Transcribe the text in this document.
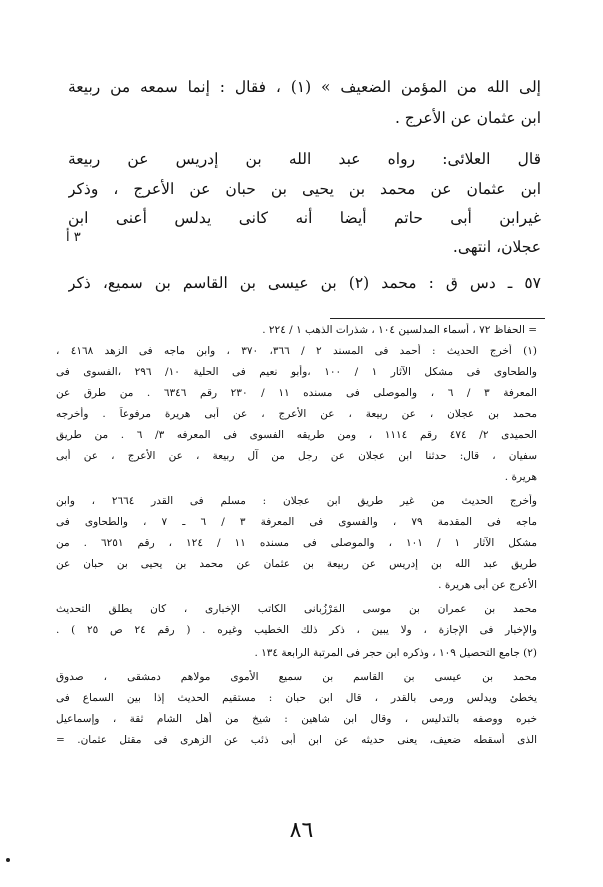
إلى الله من المؤمن الضعيف » (١) ، فقال : إنما سمعه من ربيعة
ابن عثمان عن الأعرج .
قال العلائى: رواه عبد الله بن إدريس عن ربيعة
ابن عثمان عن محمد بن يحيى بن حبان عن الأعرج ، وذكر
غيرابن أبى حاتم أيضا أنه كانى يدلس أعنى ابن
عجلان، انتهى.
٣ أ
٥٧ ـ دس ق : محمد (٢) بن عيسى بن القاسم بن سميع، ذكر
= الحفاظ ٧٢ ، أسماء المدلسين ١٠٤ ، شذرات الذهب ١ / ٢٢٤ .
(١) أخرج الحديث : أحمد فى المسند ٢ / ٣٦٦، ٣٧٠ ، وابن ماجه فى الزهد ٤١٦٨ ،
والطحاوى فى مشكل الآثار ١ / ١٠٠ ،وأبو نعيم فى الحلية ١٠/ ٢٩٦ ،الفسوى فى
المعرفة ٣ / ٦ ، والموصلى فى مسنده ١١ / ٢٣٠ رقم ٦٣٤٦ . من طرق عن
محمد بن عجلان ، عن ربيعة ، عن الأعرج ، عن أبى هريرة مرفوعاً . وأخرجه
الحميدى ٢/ ٤٧٤ رقم ١١١٤ ، ومن طريقه الفسوى فى المعرفه ٣/ ٦ . من طريق
سفيان ، قال: حدثنا ابن عجلان عن رجل من آل ربيعة ، عن الأعرج ، عن أبى
هريرة .
وأخرج الحديث من غير طريق ابن عجلان : مسلم فى القدر ٢٦٦٤ ، وابن
ماجه فى المقدمة ٧٩ ، والفسوى فى المعرفة ٣ / ٦ ـ ٧ ، والطحاوى فى
مشكل الآثار ١ / ١٠١ ، والموصلى فى مسنده ١١ / ١٢٤ ، رقم ٦٢٥١ . من
طريق عبد الله بن إدريس عن ربيعة بن عثمان عن محمد بن يحيى بن حبان عن
الأعرج عن أبى هريرة .
محمد بن عمران بن موسى المَرْزُبانى الكاتب الإخبارى ، كان يطلق التحديث
والإخبار فى الإجازة ، ولا يبين ، ذكر ذلك الخطيب وغيره . ( رقم ٢٤ ص ٢٥ ) .
(٢) جامع التحصيل ١٠٩ ، وذكره ابن حجر فى المرتبة الرابعة ١٣٤ .
محمد بن عيسى بن القاسم بن سميع الأموى مولاهم دمشقى ، صدوق
يخطئ ويدلس ورمى بالقدر ، قال ابن حبان : مستقيم الحديث إذا بين السماع فى
خبره ووصفه بالتدليس ، وقال ابن شاهين : شيخ من أهل الشام ثقة ، وإسماعيل
الذى أسقطه ضعيف، يعنى حديثه عن ابن أبى ذئب عن الزهرى فى مقتل عثمان. =
٨٦
